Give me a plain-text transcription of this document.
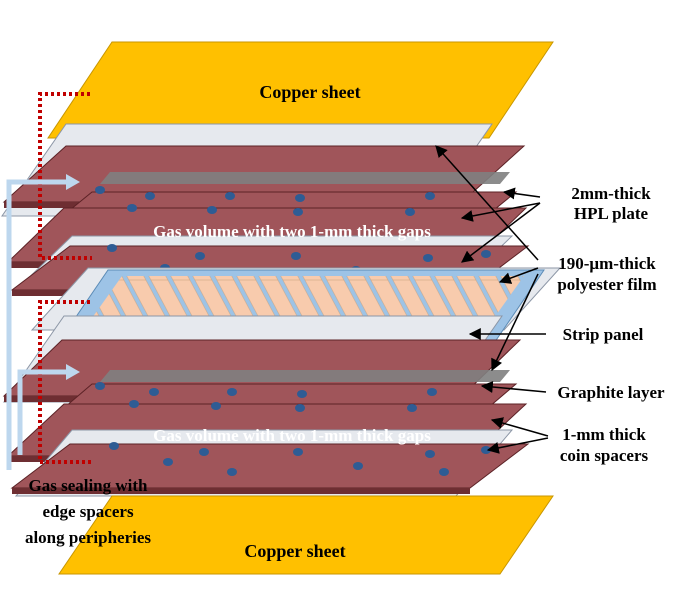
Copper sheet
Copper sheet
Gas volume with two 1-mm thick gaps
Gas volume with two 1-mm thick gaps
2mm-thick
HPL plate
190-μm-thick
polyester film
Strip panel
Graphite layer
1-mm thick
coin spacers
Gas sealing with
edge spacers
along peripheries
